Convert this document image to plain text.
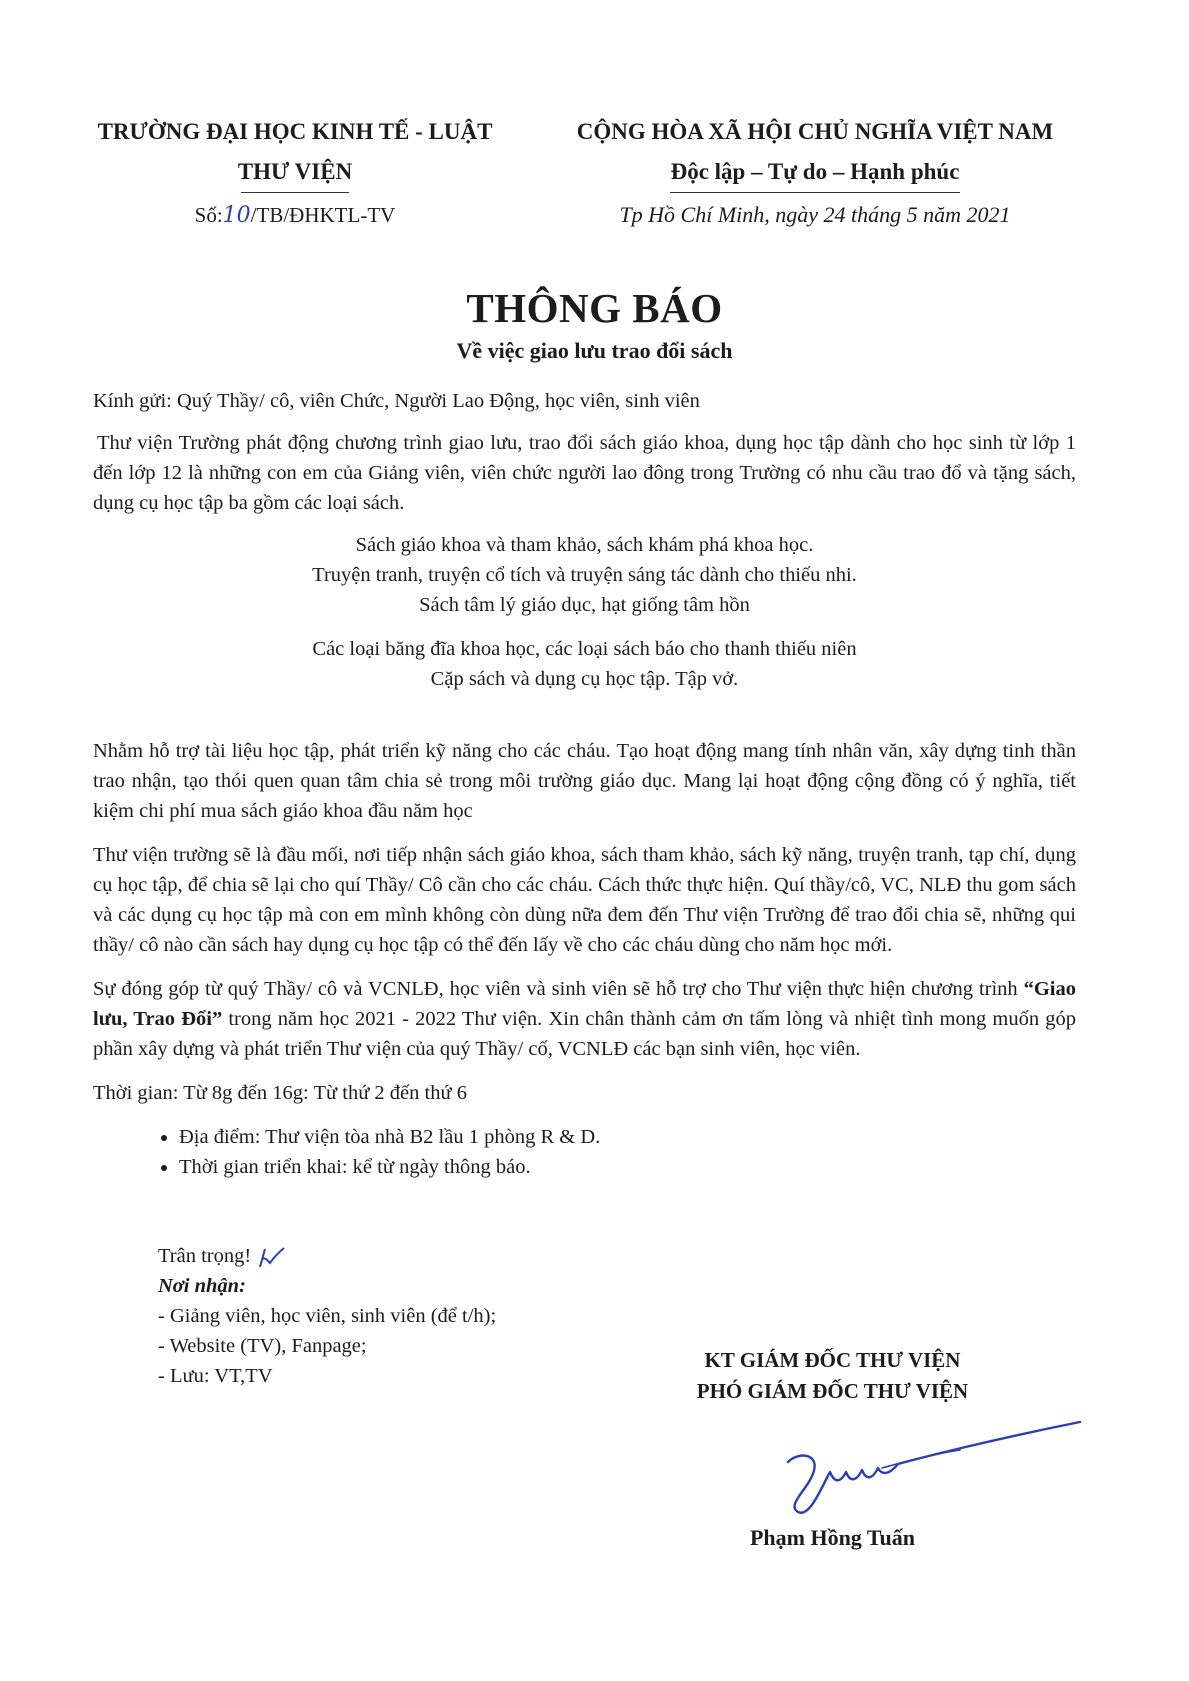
TRƯỜNG ĐẠI HỌC KINH TẾ - LUẬT
THƯ VIỆN
Số:10/TB/ĐHKTL-TV
CỘNG HÒA XÃ HỘI CHỦ NGHĨA VIỆT NAM
Độc lập – Tự do – Hạnh phúc
Tp Hồ Chí Minh, ngày 24 tháng 5 năm 2021
THÔNG BÁO
Về việc giao lưu trao đổi sách

Kính gửi: Quý Thầy/ cô, viên Chức, Người Lao Động, học viên, sinh viên

Thư viện Trường phát động chương trình giao lưu, trao đổi sách giáo khoa, dụng học tập dành cho học sinh từ lớp 1 đến lớp 12 là những con em của Giảng viên, viên chức người lao đông trong Trường có nhu cầu trao đổ và tặng sách, dụng cụ học tập ba gồm các loại sách.

Sách giáo khoa và tham khảo, sách khám phá khoa học.
Truyện tranh, truyện cổ tích và truyện sáng tác dành cho thiếu nhi.
Sách tâm lý giáo dục, hạt giống tâm hồn
Các loại băng đĩa khoa học, các loại sách báo cho thanh thiếu niên
Cặp sách và dụng cụ học tập. Tập vở.

Nhằm hỗ trợ tài liệu học tập, phát triển kỹ năng cho các cháu. Tạo hoạt động mang tính nhân văn, xây dựng tinh thần trao nhận, tạo thói quen quan tâm chia sẻ trong môi trường giáo dục. Mang lại hoạt động cộng đồng có ý nghĩa, tiết kiệm chi phí mua sách giáo khoa đầu năm học

Thư viện trường sẽ là đầu mối, nơi tiếp nhận sách giáo khoa, sách tham khảo, sách kỹ năng, truyện tranh, tạp chí, dụng cụ học tập, để chia sẽ lại cho quí Thầy/ Cô cần cho các cháu. Cách thức thực hiện. Quí thầy/cô, VC, NLĐ thu gom sách và các dụng cụ học tập mà con em mình không còn dùng nữa đem đến Thư viện Trường để trao đổi chia sẽ, những qui thầy/ cô nào cần sách hay dụng cụ học tập có thể đến lấy về cho các cháu dùng cho năm học mới.

Sự đóng góp từ quý Thầy/ cô và VCNLĐ, học viên và sinh viên sẽ hỗ trợ cho Thư viện thực hiện chương trình “Giao lưu, Trao Đổi” trong năm học 2021 - 2022 Thư viện. Xin chân thành cảm ơn tấm lòng và nhiệt tình mong muốn góp phần xây dựng và phát triển Thư viện của quý Thầy/ cố, VCNLĐ các bạn sinh viên, học viên.

Thời gian: Từ 8g đến 16g: Từ thứ 2 đến thứ 6

• Địa điểm: Thư viện tòa nhà B2 lầu 1 phòng R & D.
• Thời gian triển khai: kể từ ngày thông báo.
Trân trọng!
Nơi nhận:
- Giảng viên, học viên, sinh viên (để t/h);
- Website (TV), Fanpage;
- Lưu: VT,TV
KT GIÁM ĐỐC THƯ VIỆN
PHÓ GIÁM ĐỐC THƯ VIỆN
Phạm Hồng Tuấn
